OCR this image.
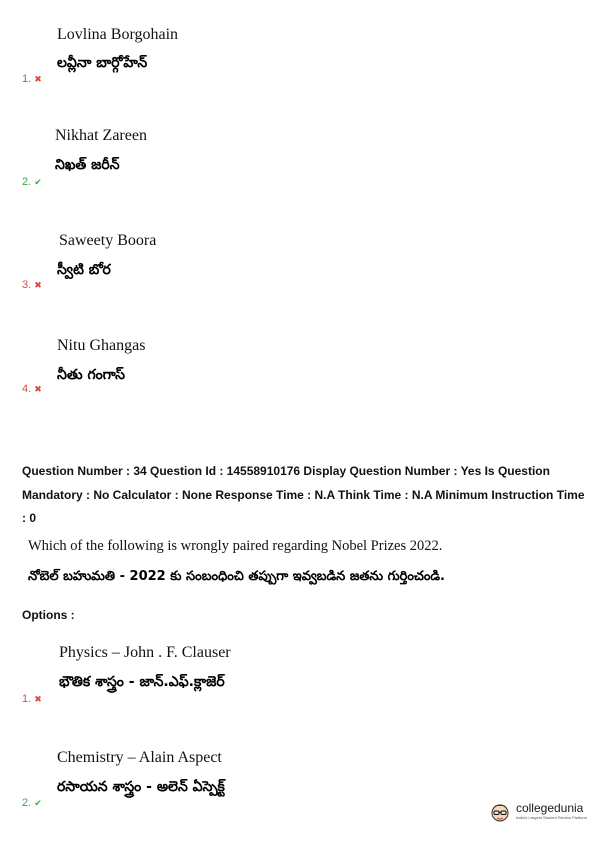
Lovlina Borgohain
లవ్లీనా బార్గోహేన్
1. ✖
Nikhat Zareen
నిఖత్ జరీన్
2. ✔
Saweety Boora
స్వీటి బోర
3. ✖
Nitu Ghangas
నీతు గంగాస్
4. ✖
Question Number : 34 Question Id : 14558910176 Display Question Number : Yes Is Question Mandatory : No Calculator : None Response Time : N.A Think Time : N.A Minimum Instruction Time : 0
Which of the following is wrongly paired regarding Nobel Prizes 2022.
నోబెల్ బహుమతి - 2022 కు సంబంధించి తప్పుగా ఇవ్వబడిన జతను గుర్తించండి.
Options :
Physics – John . F. Clauser
భౌతిక శాస్త్రం - జాన్.ఎఫ్.క్లాజెర్
1. ✖
Chemistry – Alain Aspect
రసాయన శాస్త్రం - అలెన్ ఏస్పెక్ట్
2. ✔	collegedunia
India's Largest Student Review Platform
